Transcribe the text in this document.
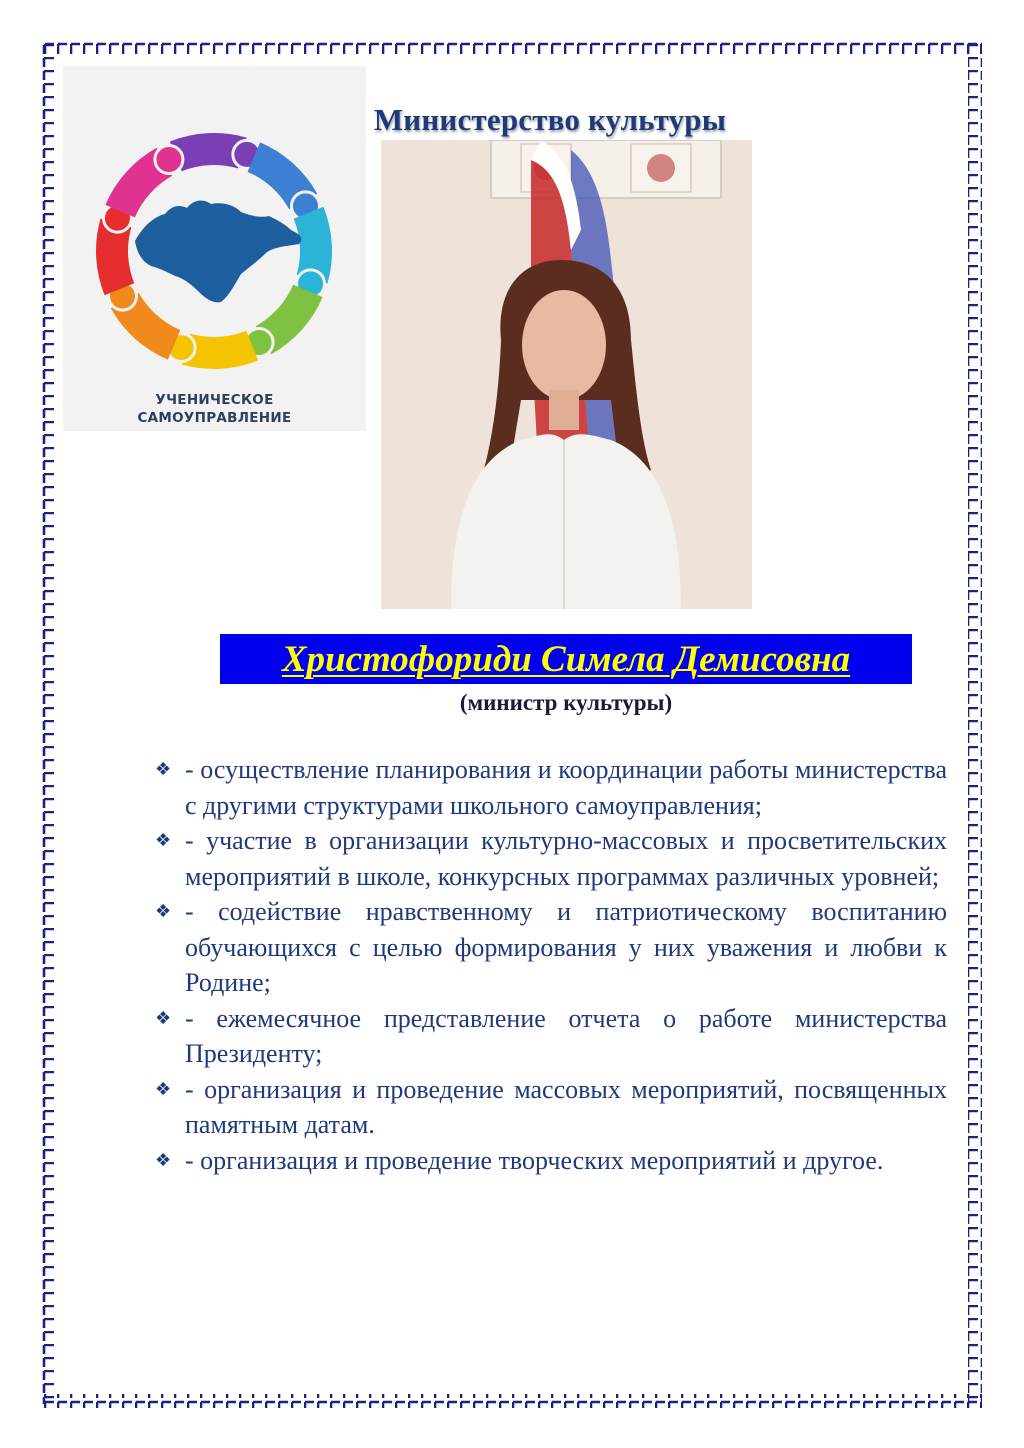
УЧЕНИЧЕСКОЕ
САМОУПРАВЛЕНИЕ
Министерство культуры
Христофориди Симела Демисовна
(министр культуры)
❖ - осуществление планирования и координации работы министерства с другими структурами школьного самоуправления;
❖ - участие в организации культурно-массовых и просветительских мероприятий в школе, конкурсных программах различных уровней;
❖ - содействие нравственному и патриотическому воспитанию обучающихся с целью формирования у них уважения и любви к Родине;
❖ - ежемесячное представление отчета о работе министерства Президенту;
❖ - организация и проведение массовых мероприятий, посвященных памятным датам.
❖ - организация и проведение творческих мероприятий и другое.
